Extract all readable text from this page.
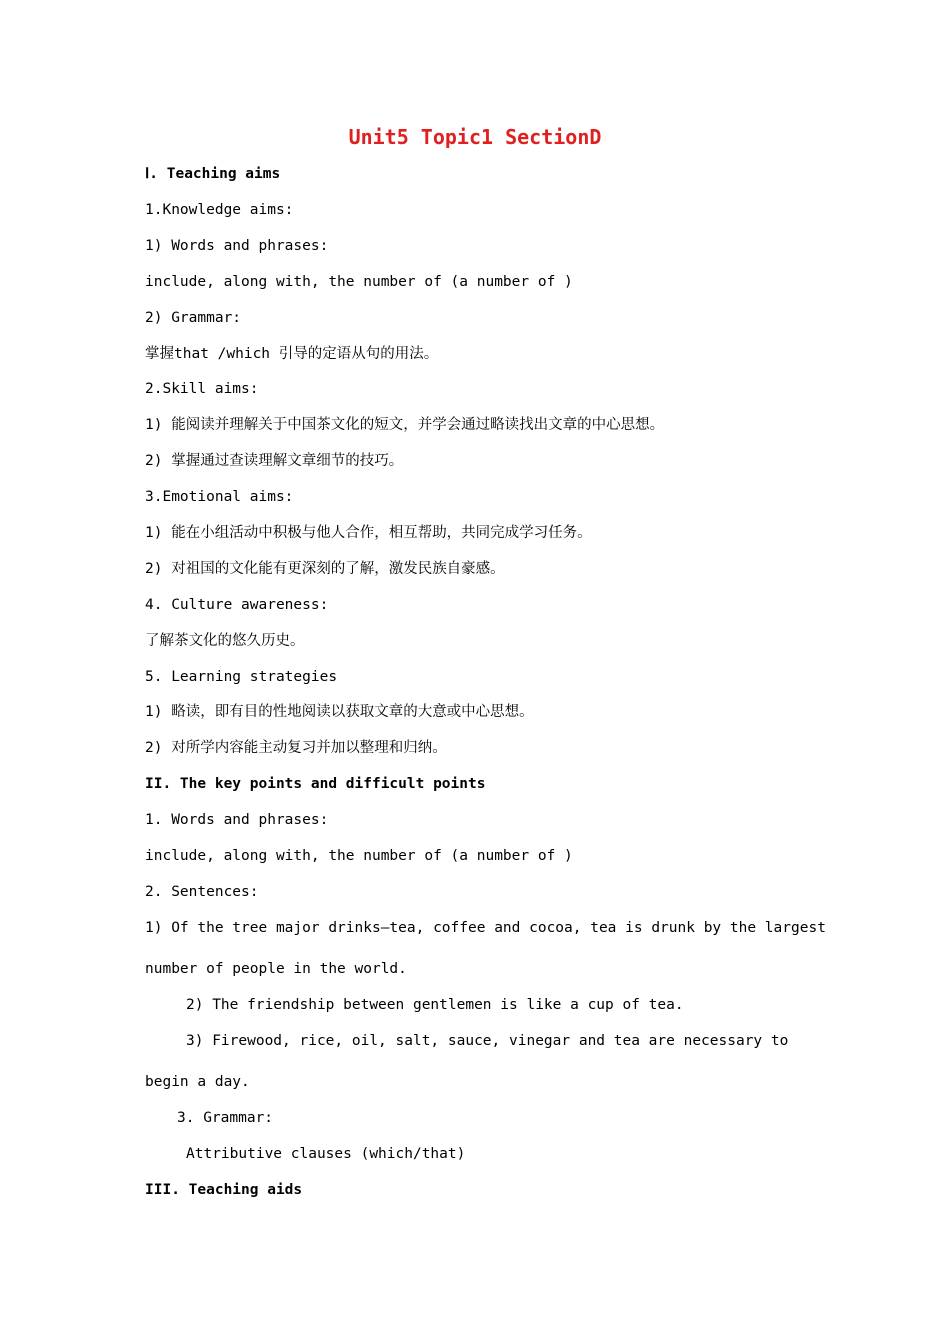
Unit5 Topic1 SectionD
Ⅰ. Teaching aims
1.Knowledge aims:
1) Words and phrases:
include, along with, the number of (a number of )
2) Grammar:
掌握that /which 引导的定语从句的用法。
2.Skill aims:
1) 能阅读并理解关于中国茶文化的短文，并学会通过略读找出文章的中心思想。
2) 掌握通过查读理解文章细节的技巧。
3.Emotional aims:
1) 能在小组活动中积极与他人合作，相互帮助，共同完成学习任务。
2) 对祖国的文化能有更深刻的了解，激发民族自豪感。
4. Culture awareness:
了解茶文化的悠久历史。
5. Learning strategies
1) 略读，即有目的性地阅读以获取文章的大意或中心思想。
2) 对所学内容能主动复习并加以整理和归纳。
II. The key points and difficult points
1. Words and phrases:
include, along with, the number of (a number of )
2. Sentences:
1) Of the tree major drinks—tea, coffee and cocoa, tea is drunk by the largest
number of people in the world.
2) The friendship between gentlemen is like a cup of tea.
3) Firewood, rice, oil, salt, sauce, vinegar and tea are necessary to
begin a day.
3. Grammar:
Attributive clauses (which/that)
III. Teaching aids
